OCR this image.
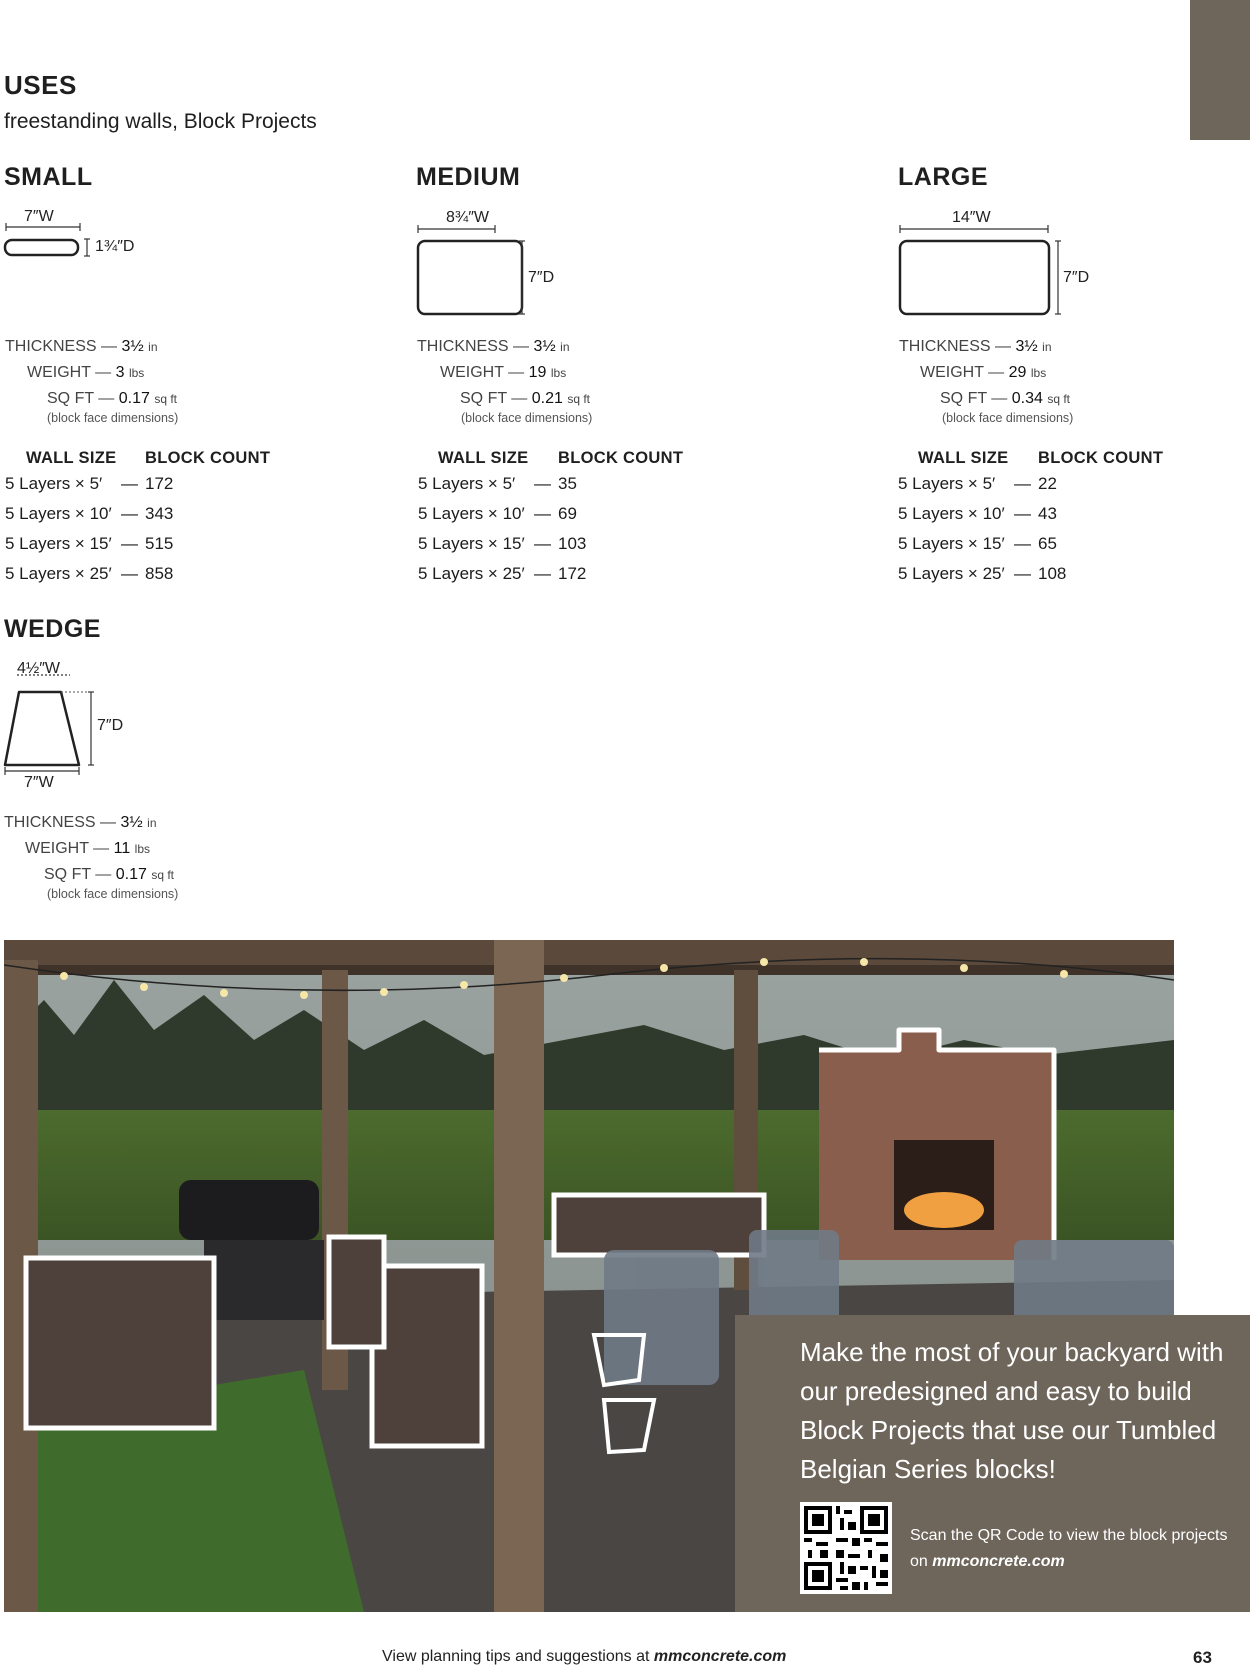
USES
freestanding walls, Block Projects
SMALL
7″W
1¾″D
THICKNESS — 3½ in
WEIGHT — 3 lbs
SQ FT — 0.17 sq ft
(block face dimensions)
WALL SIZE BLOCK COUNT
5 Layers × 5′ — 172
5 Layers × 10′ — 343
5 Layers × 15′ — 515
5 Layers × 25′ — 858
MEDIUM
8¾″W
7″D
THICKNESS — 3½ in
WEIGHT — 19 lbs
SQ FT — 0.21 sq ft
(block face dimensions)
WALL SIZE BLOCK COUNT
5 Layers × 5′ — 35
5 Layers × 10′ — 69
5 Layers × 15′ — 103
5 Layers × 25′ — 172
LARGE
14″W
7″D
THICKNESS — 3½ in
WEIGHT — 29 lbs
SQ FT — 0.34 sq ft
(block face dimensions)
WALL SIZE BLOCK COUNT
5 Layers × 5′ — 22
5 Layers × 10′ — 43
5 Layers × 15′ — 65
5 Layers × 25′ — 108
WEDGE
4½″W
7″D
7″W
THICKNESS — 3½ in
WEIGHT — 11 lbs
SQ FT — 0.17 sq ft
(block face dimensions)
Make the most of your backyard with our predesigned and easy to build Block Projects that use our Tumbled Belgian Series blocks!
Scan the QR Code to view the block projects on mmconcrete.com
View planning tips and suggestions at mmconcrete.com	63
